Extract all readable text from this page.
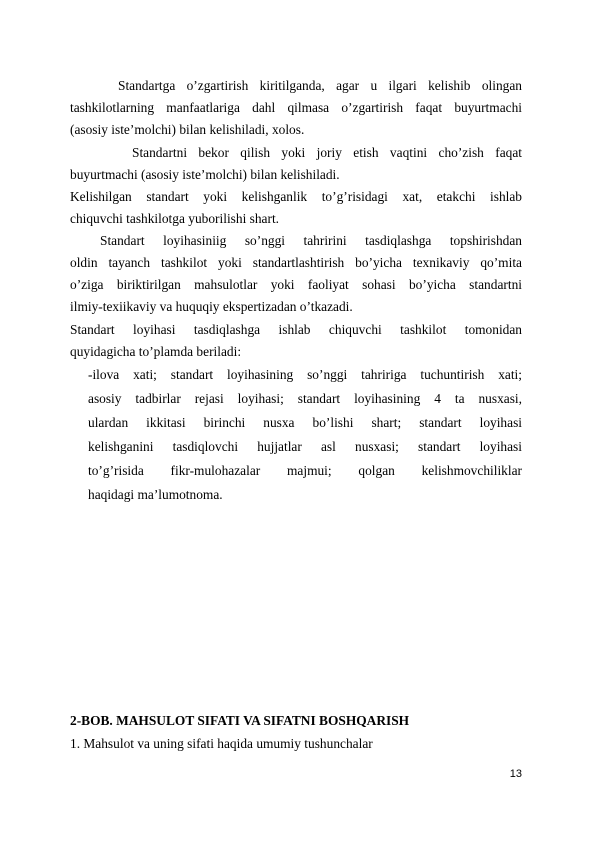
Standartga o’zgartirish kiritilganda, agar u ilgari kelishib olingan
tashkilotlarning manfaatlariga dahl qilmasa o’zgartirish faqat buyurtmachi
(asosiy iste’molchi) bilan kelishiladi, xolos.
Standartni bekor qilish yoki joriy etish vaqtini cho’zish faqat
buyurtmachi (asosiy iste’molchi) bilan kelishiladi.
Kelishilgan standart yoki kelishganlik to’g’risidagi xat, etakchi ishlab
chiquvchi tashkilotga yuborilishi shart.
Standart loyihasiniig so’nggi tahririni tasdiqlashga topshirishdan
oldin tayanch tashkilot yoki standartlashtirish bo’yicha texnikaviy qo’mita
o’ziga biriktirilgan mahsulotlar yoki faoliyat sohasi bo’yicha standartni
ilmiy-texiikaviy va huquqiy ekspertizadan o’tkazadi.
Standart loyihasi tasdiqlashga ishlab chiquvchi tashkilot tomonidan
quyidagicha to’plamda beriladi:
-ilova xati; standart loyihasining so’nggi tahririga tuchuntirish xati;
asosiy tadbirlar rejasi loyihasi; standart loyihasining 4 ta nusxasi,
ulardan ikkitasi birinchi nusxa bo’lishi shart; standart loyihasi
kelishganini tasdiqlovchi hujjatlar asl nusxasi; standart loyihasi
to’g’risida fikr-mulohazalar majmui; qolgan kelishmovchiliklar
haqidagi ma’lumotnoma.
2-BOB. MAHSULOT SIFATI VA SIFATNI BOSHQARISH
1. Mahsulot va uning sifati haqida umumiy tushunchalar
13
